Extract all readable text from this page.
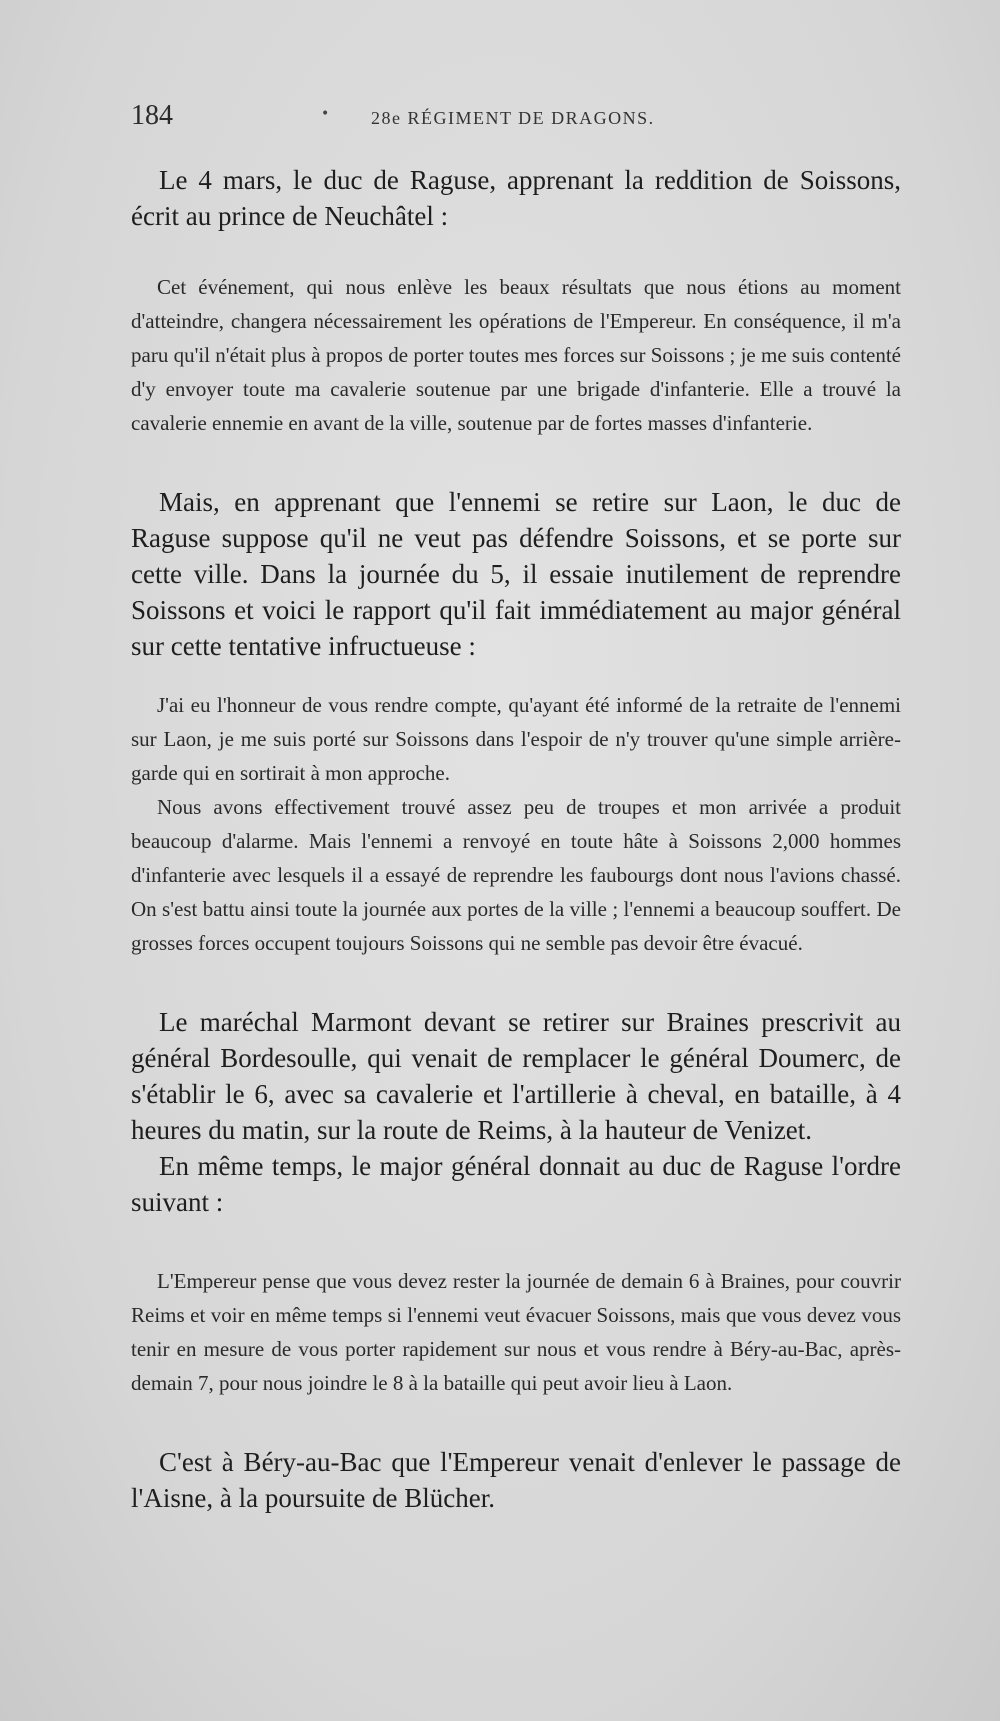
184	• 28e RÉGIMENT DE DRAGONS.

Le 4 mars, le duc de Raguse, apprenant la reddition de Soissons, écrit au prince de Neuchâtel :

Cet événement, qui nous enlève les beaux résultats que nous étions au moment d'atteindre, changera nécessairement les opérations de l'Empereur. En conséquence, il m'a paru qu'il n'était plus à propos de porter toutes mes forces sur Soissons ; je me suis contenté d'y envoyer toute ma cavalerie soutenue par une brigade d'infanterie. Elle a trouvé la cavalerie ennemie en avant de la ville, soutenue par de fortes masses d'infanterie.

Mais, en apprenant que l'ennemi se retire sur Laon, le duc de Raguse suppose qu'il ne veut pas défendre Soissons, et se porte sur cette ville. Dans la journée du 5, il essaie inutilement de reprendre Soissons et voici le rapport qu'il fait immédiatement au major général sur cette tentative infructueuse :

J'ai eu l'honneur de vous rendre compte, qu'ayant été informé de la retraite de l'ennemi sur Laon, je me suis porté sur Soissons dans l'espoir de n'y trouver qu'une simple arrière-garde qui en sortirait à mon approche.

Nous avons effectivement trouvé assez peu de troupes et mon arrivée a produit beaucoup d'alarme. Mais l'ennemi a renvoyé en toute hâte à Soissons 2,000 hommes d'infanterie avec lesquels il a essayé de reprendre les faubourgs dont nous l'avions chassé. On s'est battu ainsi toute la journée aux portes de la ville ; l'ennemi a beaucoup souffert. De grosses forces occupent toujours Soissons qui ne semble pas devoir être évacué.

Le maréchal Marmont devant se retirer sur Braines prescrivit au général Bordesoulle, qui venait de remplacer le général Doumerc, de s'établir le 6, avec sa cavalerie et l'artillerie à cheval, en bataille, à 4 heures du matin, sur la route de Reims, à la hauteur de Venizet.

En même temps, le major général donnait au duc de Raguse l'ordre suivant :

L'Empereur pense que vous devez rester la journée de demain 6 à Braines, pour couvrir Reims et voir en même temps si l'ennemi veut évacuer Soissons, mais que vous devez vous tenir en mesure de vous porter rapidement sur nous et vous rendre à Béry-au-Bac, après-demain 7, pour nous joindre le 8 à la bataille qui peut avoir lieu à Laon.

C'est à Béry-au-Bac que l'Empereur venait d'enlever le passage de l'Aisne, à la poursuite de Blücher.
